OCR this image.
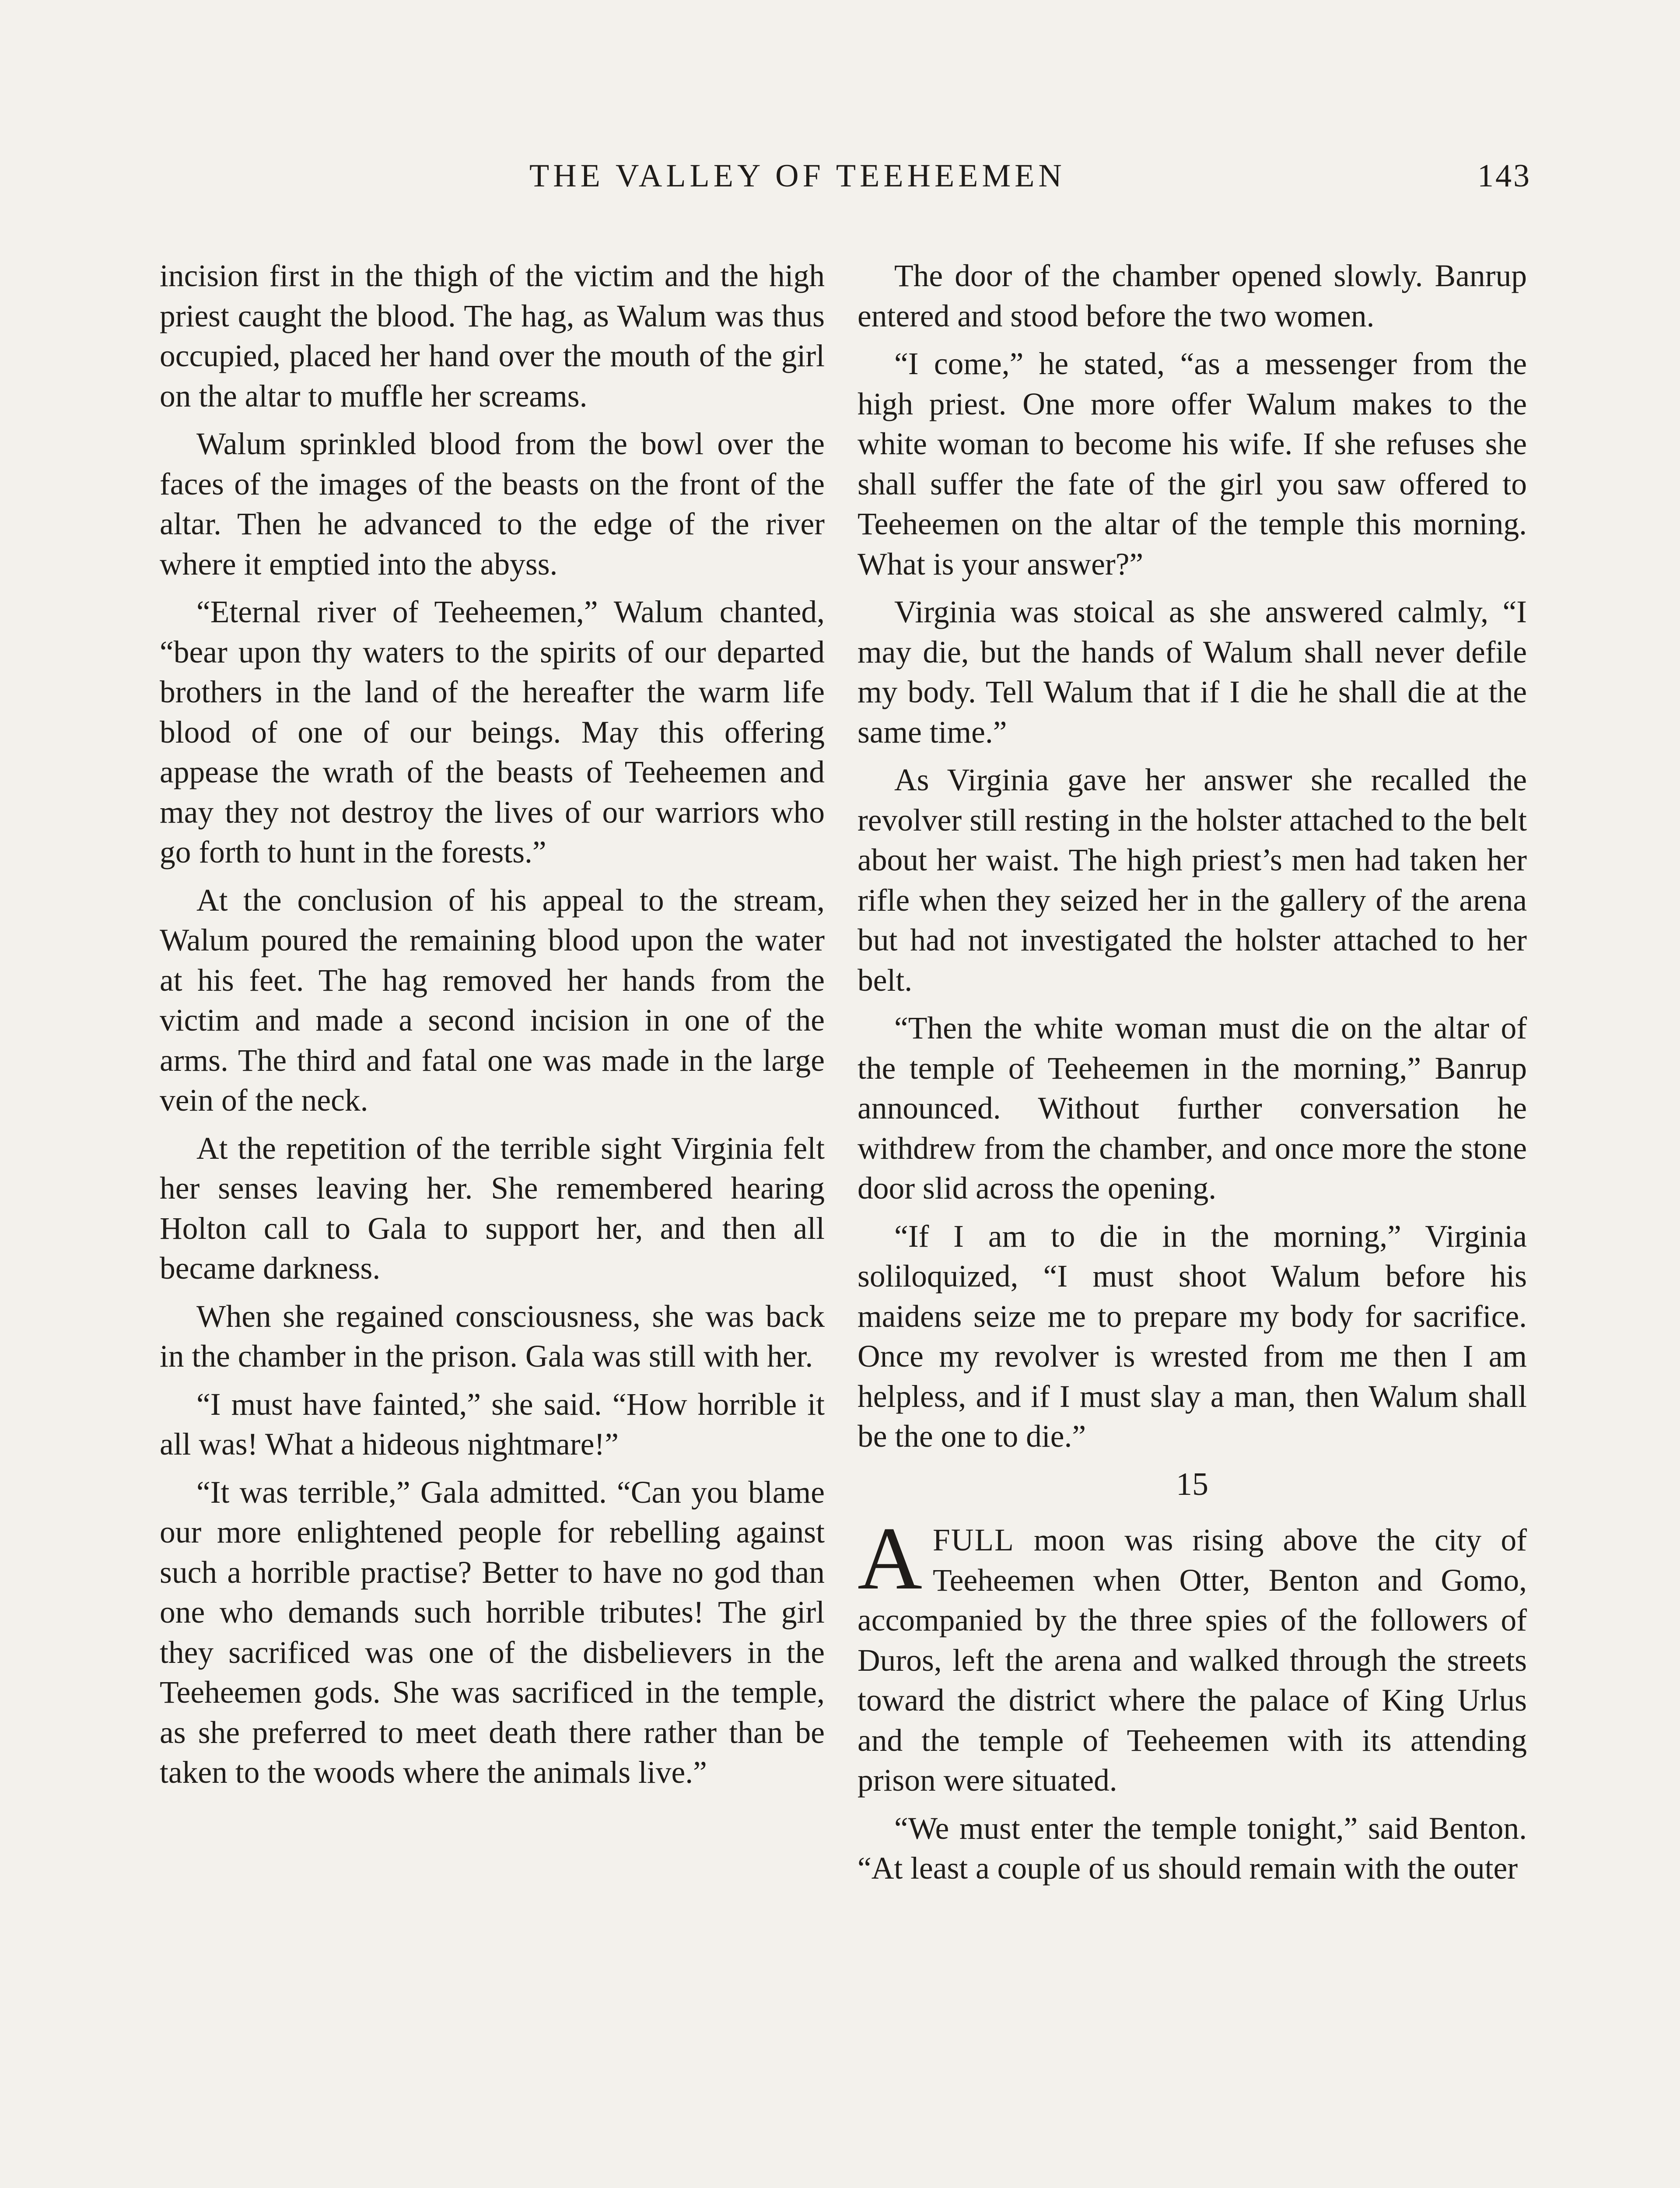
THE VALLEY OF TEEHEEMEN	143

incision first in the thigh of the victim and the high priest caught the blood. The hag, as Walum was thus occupied, placed her hand over the mouth of the girl on the altar to muffle her screams.

Walum sprinkled blood from the bowl over the faces of the images of the beasts on the front of the altar. Then he advanced to the edge of the river where it emptied into the abyss.

“Eternal river of Teeheemen,” Walum chanted, “bear upon thy waters to the spirits of our departed brothers in the land of the hereafter the warm life blood of one of our beings. May this offering appease the wrath of the beasts of Teeheemen and may they not destroy the lives of our warriors who go forth to hunt in the forests.”

At the conclusion of his appeal to the stream, Walum poured the remaining blood upon the water at his feet. The hag removed her hands from the victim and made a second incision in one of the arms. The third and fatal one was made in the large vein of the neck.

At the repetition of the terrible sight Virginia felt her senses leaving her. She remembered hearing Holton call to Gala to support her, and then all became darkness.

When she regained consciousness, she was back in the chamber in the prison. Gala was still with her.

“I must have fainted,” she said. “How horrible it all was! What a hideous nightmare!”

“It was terrible,” Gala admitted. “Can you blame our more enlightened people for rebelling against such a horrible practise? Better to have no god than one who demands such horrible tributes! The girl they sacrificed was one of the disbelievers in the Teeheemen gods. She was sacrificed in the temple, as she preferred to meet death there rather than be taken to the woods where the animals live.”

The door of the chamber opened slowly. Banrup entered and stood before the two women.

“I come,” he stated, “as a messenger from the high priest. One more offer Walum makes to the white woman to become his wife. If she refuses she shall suffer the fate of the girl you saw offered to Teeheemen on the altar of the temple this morning. What is your answer?”

Virginia was stoical as she answered calmly, “I may die, but the hands of Walum shall never defile my body. Tell Walum that if I die he shall die at the same time.”

As Virginia gave her answer she recalled the revolver still resting in the holster attached to the belt about her waist. The high priest’s men had taken her rifle when they seized her in the gallery of the arena but had not investigated the holster attached to her belt.

“Then the white woman must die on the altar of the temple of Teeheemen in the morning,” Banrup announced. Without further conversation he withdrew from the chamber, and once more the stone door slid across the opening.

“If I am to die in the morning,” Virginia soliloquized, “I must shoot Walum before his maidens seize me to prepare my body for sacrifice. Once my revolver is wrested from me then I am helpless, and if I must slay a man, then Walum shall be the one to die.”

15

AFULL moon was rising above the city of Teeheemen when Otter, Benton and Gomo, accompanied by the three spies of the followers of Duros, left the arena and walked through the streets toward the district where the palace of King Urlus and the temple of Teeheemen with its attending prison were situated.

“We must enter the temple tonight,” said Benton. “At least a couple of us should remain with the outer
